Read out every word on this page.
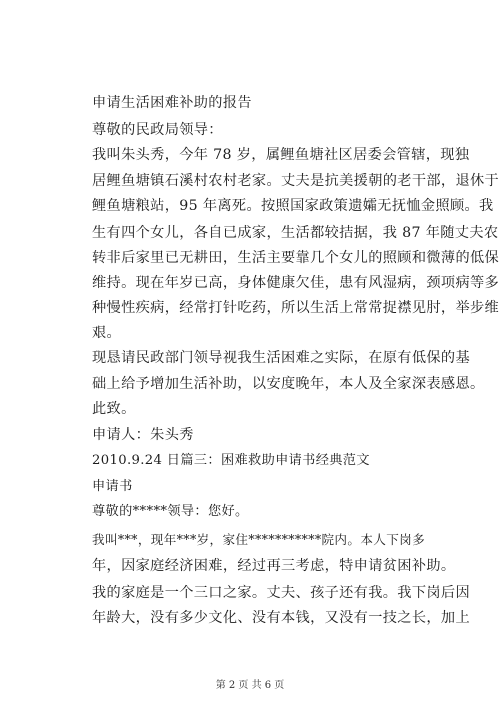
申请生活困难补助的报告

尊敬的民政局领导：

我叫朱头秀，今年 78 岁，属鲤鱼塘社区居委会管辖，现独

居鲤鱼塘镇石溪村农村老家。丈夫是抗美援朝的老干部，退休于

鲤鱼塘粮站，95 年离死。按照国家政策遗孀无抚恤金照顾。我

生有四个女儿，各自已成家，生活都较拮据，我 87 年随丈夫农

转非后家里已无耕田，生活主要靠几个女儿的照顾和微薄的低保

维持。现在年岁已高，身体健康欠佳，患有风湿病，颈项病等多

种慢性疾病，经常打针吃药，所以生活上常常捉襟见肘，举步维

艰。

现恳请民政部门领导视我生活困难之实际，在原有低保的基

础上给予增加生活补助，以安度晚年，本人及全家深表感恩。

此致。

申请人：朱头秀

2010.9.24 日篇三：困难救助申请书经典范文

申请书

尊敬的*****领导：您好。

我叫***，现年***岁，家住***********院内。本人下岗多

年，因家庭经济困难，经过再三考虑，特申请贫困补助。

我的家庭是一个三口之家。丈夫、孩子还有我。我下岗后因

年龄大，没有多少文化、没有本钱，又没有一技之长，加上

第 2 页 共 6 页
